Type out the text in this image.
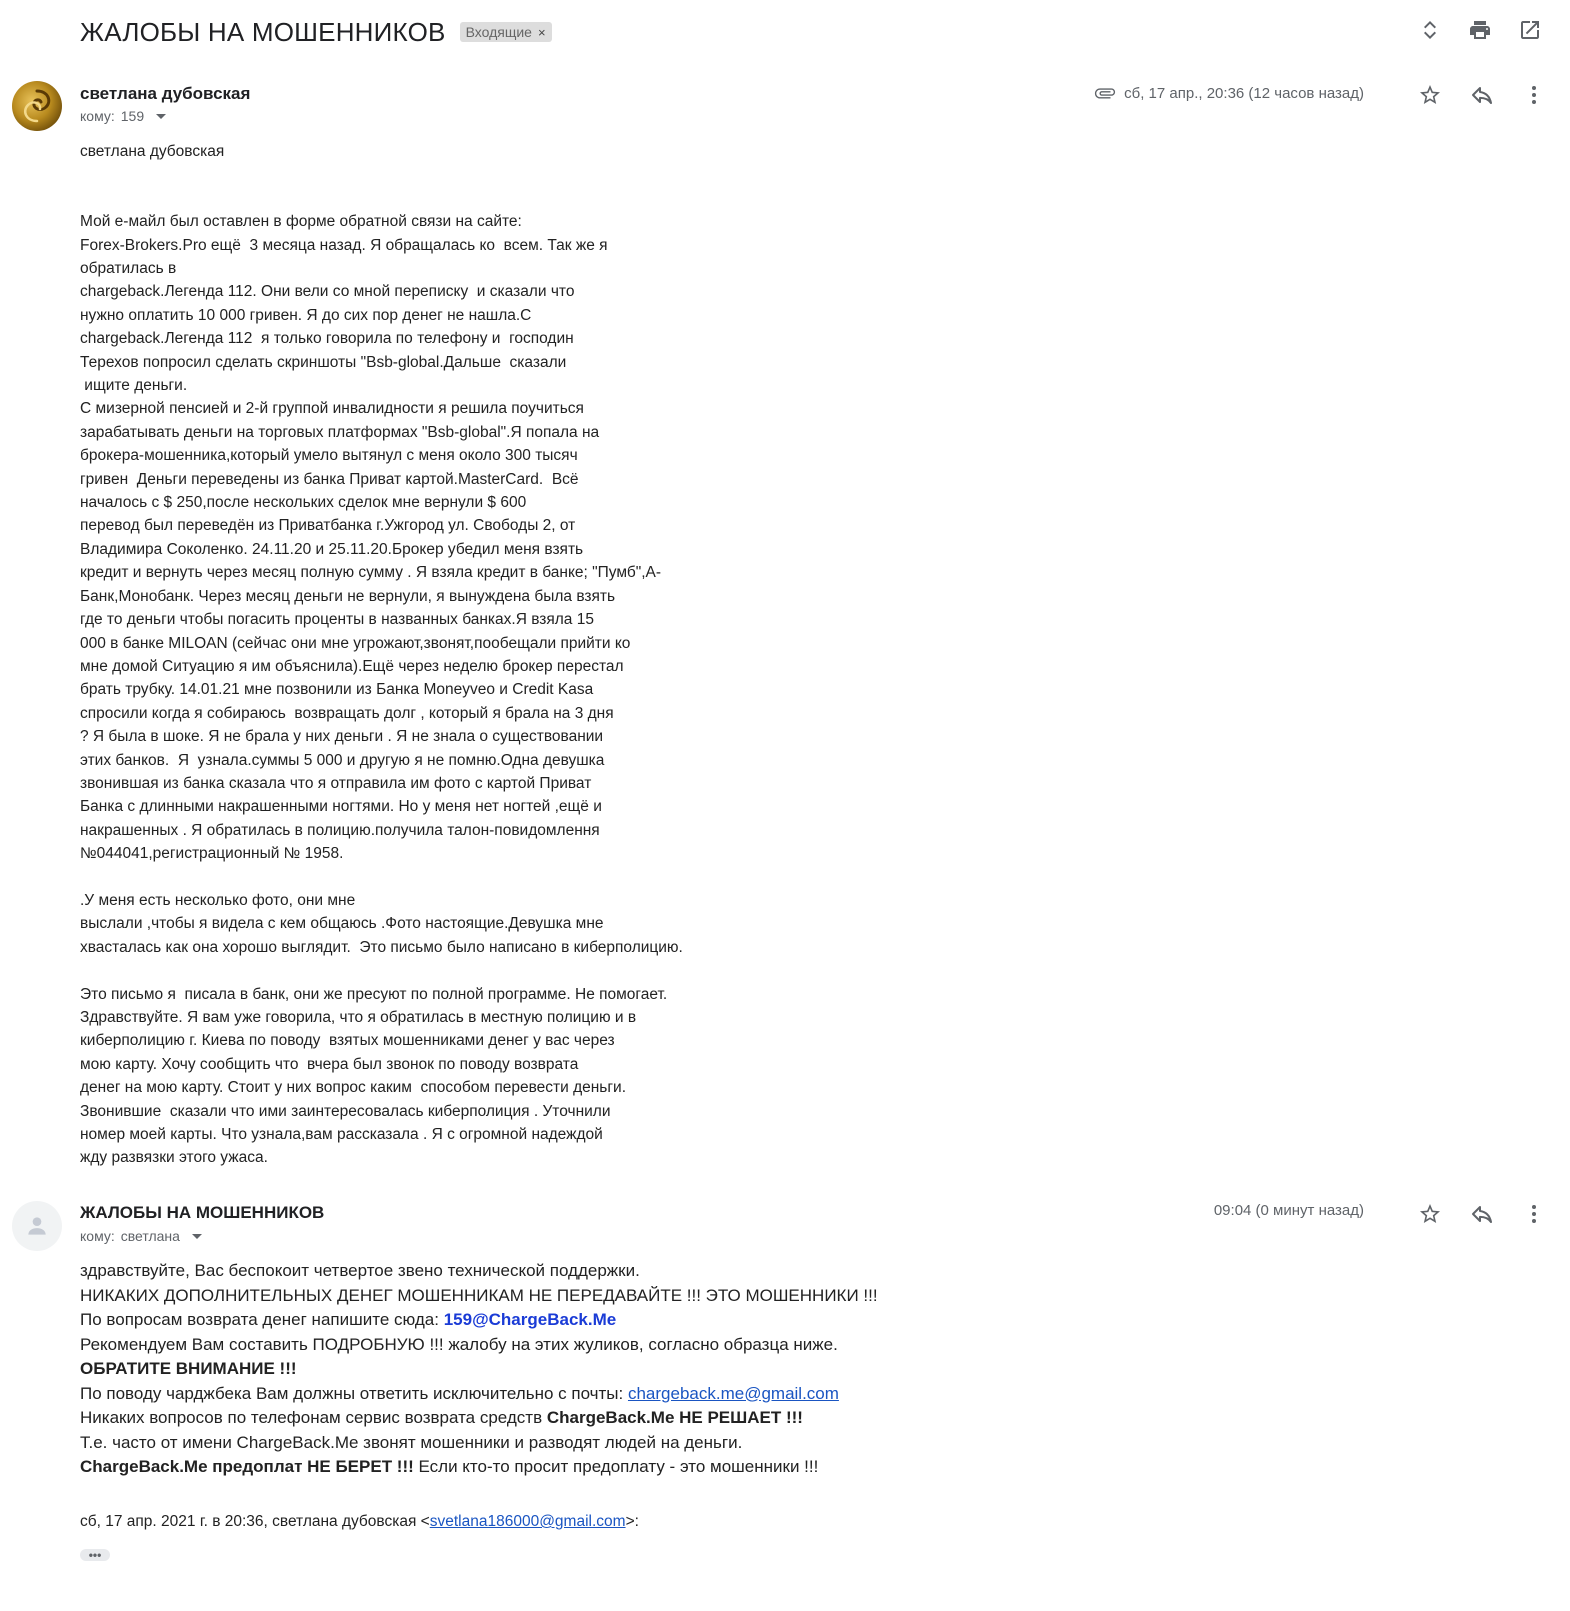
ЖАЛОБЫ НА МОШЕННИКОВ Входящие ×
светлана дубовская
кому: 159
сб, 17 апр., 20:36 (12 часов назад)

светлана дубовская

Мой е-майл был оставлен в форме обратной связи на сайте:

Forex-Brokers.Pro ещё  3 месяца назад. Я обращалась ко  всем. Так же я

обратилась в

chargeback.Легенда 112. Они вели со мной переписку  и сказали что

нужно оплатить 10 000 гривен. Я до сих пор денег не нашла.С

chargeback.Легенда 112  я только говорила по телефону и  господин

Терехов попросил сделать скриншоты "Bsb-global.Дальше  сказали

ищите деньги.

С мизерной пенсией и 2-й группой инвалидности я решила поучиться

зарабатывать деньги на торговых платформах "Bsb-global".Я попала на

брокера-мошенника,который умело вытянул с меня около 300 тысяч

гривен  Деньги переведены из банка Приват картой.MasterCard.  Всё

началось с $ 250,после нескольких сделок мне вернули $ 600

перевод был переведён из Приватбанка г.Ужгород ул. Свободы 2, от

Владимира Соколенко. 24.11.20 и 25.11.20.Брокер убедил меня взять

кредит и вернуть через месяц полную сумму . Я взяла кредит в банке; "Пумб",А-

Банк,Монобанк. Через месяц деньги не вернули, я вынуждена была взять

где то деньги чтобы погасить проценты в названных банках.Я взяла 15

000 в банке MILOAN (сейчас они мне угрожают,звонят,пообещали прийти ко

мне домой Ситуацию я им объяснила).Ещё через неделю брокер перестал

брать трубку. 14.01.21 мне позвонили из Банка Moneyveo и Credit Kasa

спросили когда я собираюсь  возвращать долг , который я брала на 3 дня

? Я была в шоке. Я не брала у них деньги . Я не знала о существовании

этих банков.  Я  узнала.суммы 5 000 и другую я не помню.Одна девушка

звонившая из банка сказала что я отправила им фото с картой Приват

Банка с длинными накрашенными ногтями. Но у меня нет ногтей ,ещё и

накрашенных . Я обратилась в полицию.получила талон-повидомлення

№044041,регистрационный № 1958.

.У меня есть несколько фото, они мне

выслали ,чтобы я видела с кем общаюсь .Фото настоящие.Девушка мне

хвасталась как она хорошо выглядит.  Это письмо было написано в киберполицию.

Это письмо я  писала в банк, они же пресуют по полной программе. Не помогает.

Здравствуйте. Я вам уже говорила, что я обратилась в местную полицию и в

киберполицию г. Киева по поводу  взятых мошенниками денег у вас через

мою карту. Хочу сообщить что  вчера был звонок по поводу возврата

денег на мою карту. Стоит у них вопрос каким  способом перевести деньги.

Звонившие  сказали что ими заинтересовалась киберполиция . Уточнили

номер моей карты. Что узнала,вам рассказала . Я с огромной надеждой

жду развязки этого ужаса.

ЖАЛОБЫ НА МОШЕННИКОВ
кому: светлана
09:04 (0 минут назад)

здравствуйте, Вас беспокоит четвертое звено технической поддержки.

НИКАКИХ ДОПОЛНИТЕЛЬНЫХ ДЕНЕГ МОШЕННИКАМ НЕ ПЕРЕДАВАЙТЕ !!! ЭТО МОШЕННИКИ !!!

По вопросам возврата денег напишите сюда: 159@ChargeBack.Me

Рекомендуем Вам составить ПОДРОБНУЮ !!! жалобу на этих жуликов, согласно образца ниже.

ОБРАТИТЕ ВНИМАНИЕ !!!

По поводу чарджбека Вам должны ответить исключительно с почты: chargeback.me@gmail.com

Никаких вопросов по телефонам сервис возврата средств ChargeBack.Me НЕ РЕШАЕТ !!!

Т.е. часто от имени ChargeBack.Me звонят мошенники и разводят людей на деньги.

ChargeBack.Me предоплат НЕ БЕРЕТ !!! Если кто-то просит предоплату - это мошенники !!!

сб, 17 апр. 2021 г. в 20:36, светлана дубовская <svetlana186000@gmail.com>:
•••
